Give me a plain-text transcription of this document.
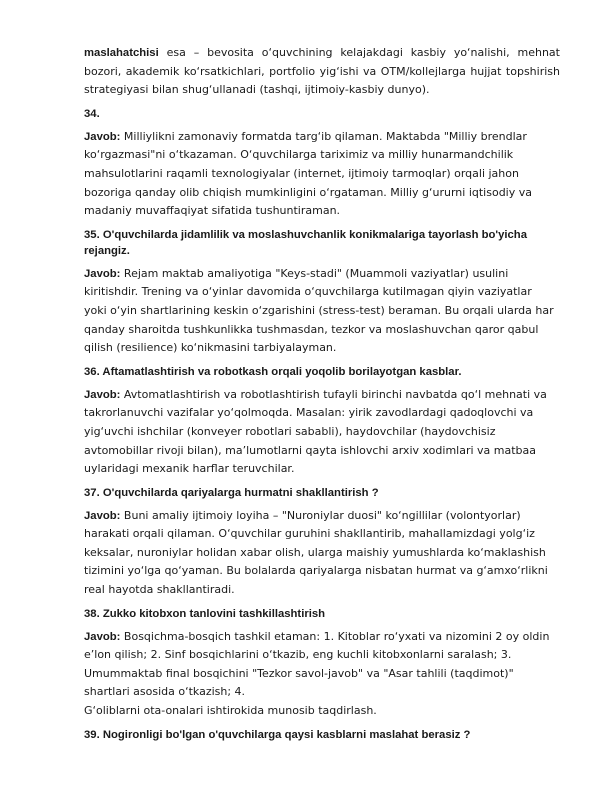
maslahatchisi esa – bevosita o‘quvchining kelajakdagi kasbiy yo‘nalishi, mehnat bozori, akademik ko‘rsatkichlari, portfolio yig‘ishi va OTM/kollejlarga hujjat topshirish strategiyasi bilan shug‘ullanadi (tashqi, ijtimoiy-kasbiy dunyo).

34.

Javob: Milliylikni zamonaviy formatda targ‘ib qilaman. Maktabda "Milliy brendlar
ko‘rgazmasi"ni o‘tkazaman. O‘quvchilarga tariximiz va milliy hunarmandchilik
mahsulotlarini raqamli texnologiyalar (internet, ijtimoiy tarmoqlar) orqali jahon
bozoriga qanday olib chiqish mumkinligini o‘rgataman. Milliy g‘ururni iqtisodiy va
madaniy muvaffaqiyat sifatida tushuntiraman.

35. O'quvchilarda jidamlilik va moslashuvchanlik konikmalariga tayorlash bo'yicha rejangiz.

Javob: Rejam maktab amaliyotiga "Keys-stadi" (Muammoli vaziyatlar) usulini
kiritishdir. Trening va o‘yinlar davomida o‘quvchilarga kutilmagan qiyin vaziyatlar
yoki o‘yin shartlarining keskin o‘zgarishini (stress-test) beraman. Bu orqali ularda har
qanday sharoitda tushkunlikka tushmasdan, tezkor va moslashuvchan qaror qabul
qilish (resilience) ko‘nikmasini tarbiyalayman.

36. Aftamatlashtirish va robotkash orqali yoqolib borilayotgan kasblar.

Javob: Avtomatlashtirish va robotlashtirish tufayli birinchi navbatda qo‘l mehnati va
takrorlanuvchi vazifalar yo‘qolmoqda. Masalan: yirik zavodlardagi qadoqlovchi va
yig‘uvchi ishchilar (konveyer robotlari sababli), haydovchilar (haydovchisiz
avtomobillar rivoji bilan), ma’lumotlarni qayta ishlovchi arxiv xodimlari va matbaa
uylaridagi mexanik harflar teruvchilar.

37. O'quvchilarda qariyalarga hurmatni shakllantirish ?

Javob: Buni amaliy ijtimoiy loyiha – "Nuroniylar duosi" ko‘ngillilar (volontyorlar)
harakati orqali qilaman. O‘quvchilar guruhini shakllantirib, mahallamizdagi yolg‘iz
keksalar, nuroniylar holidan xabar olish, ularga maishiy yumushlarda ko‘maklashish
tizimini yo‘lga qo‘yaman. Bu bolalarda qariyalarga nisbatan hurmat va g‘amxo‘rlikni
real hayotda shakllantiradi.

38. Zukko kitobxon tanlovini tashkillashtirish

Javob: Bosqichma-bosqich tashkil etaman: 1. Kitoblar ro‘yxati va nizomini 2 oy oldin
e’lon qilish; 2. Sinf bosqichlarini o‘tkazib, eng kuchli kitobxonlarni saralash; 3.
Umummaktab final bosqichini "Tezkor savol-javob" va "Asar tahlili (taqdimot)"
shartlari asosida o‘tkazish; 4.
G‘oliblarni ota-onalari ishtirokida munosib taqdirlash.

39. Nogironligi bo'lgan o'quvchilarga qaysi kasblarni maslahat berasiz ?
